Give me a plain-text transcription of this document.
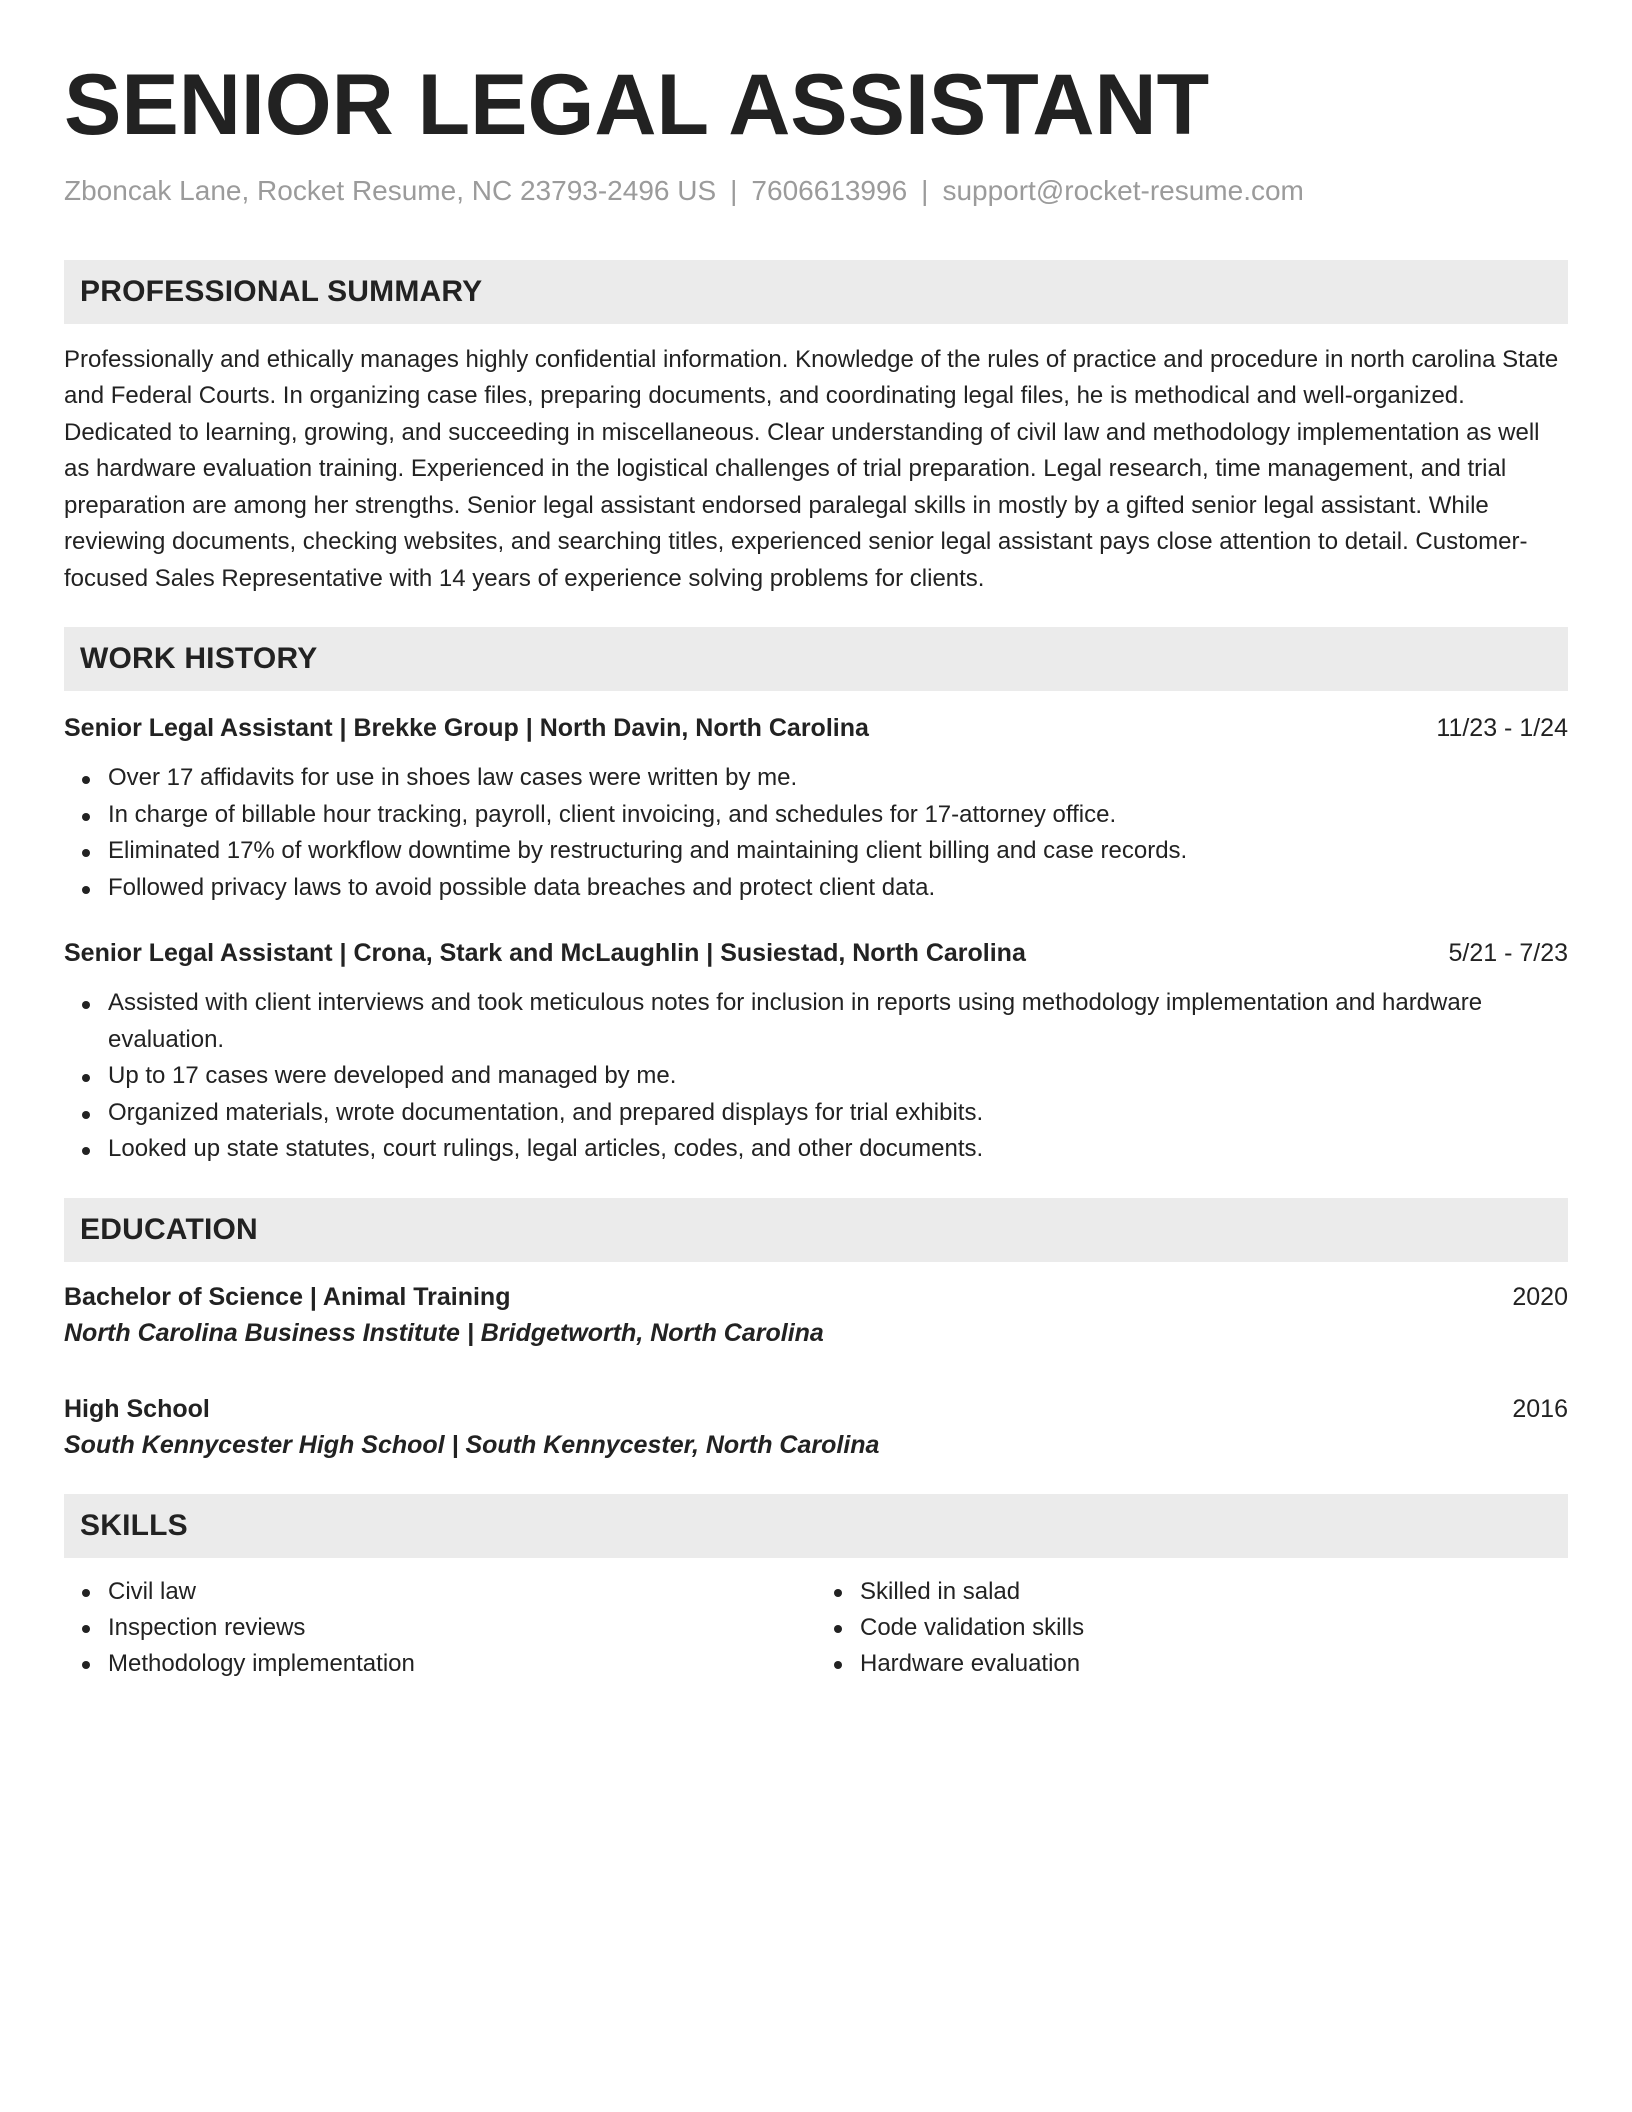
SENIOR LEGAL ASSISTANT
Zboncak Lane, Rocket Resume, NC 23793-2496 US | 7606613996 | support@rocket-resume.com
PROFESSIONAL SUMMARY

Professionally and ethically manages highly confidential information. Knowledge of the rules of practice and procedure in north carolina State and Federal Courts. In organizing case files, preparing documents, and coordinating legal files, he is methodical and well-organized. Dedicated to learning, growing, and succeeding in miscellaneous. Clear understanding of civil law and methodology implementation as well as hardware evaluation training. Experienced in the logistical challenges of trial preparation. Legal research, time management, and trial preparation are among her strengths. Senior legal assistant endorsed paralegal skills in mostly by a gifted senior legal assistant. While reviewing documents, checking websites, and searching titles, experienced senior legal assistant pays close attention to detail. Customer-focused Sales Representative with 14 years of experience solving problems for clients.

WORK HISTORY
Senior Legal Assistant | Brekke Group | North Davin, North Carolina	11/23 - 1/24
Over 17 affidavits for use in shoes law cases were written by me.
In charge of billable hour tracking, payroll, client invoicing, and schedules for 17-attorney office.
Eliminated 17% of workflow downtime by restructuring and maintaining client billing and case records.
Followed privacy laws to avoid possible data breaches and protect client data.
Senior Legal Assistant | Crona, Stark and McLaughlin | Susiestad, North Carolina	5/21 - 7/23
Assisted with client interviews and took meticulous notes for inclusion in reports using methodology implementation and hardware evaluation.
Up to 17 cases were developed and managed by me.
Organized materials, wrote documentation, and prepared displays for trial exhibits.
Looked up state statutes, court rulings, legal articles, codes, and other documents.
EDUCATION
Bachelor of Science | Animal Training	2020
North Carolina Business Institute | Bridgetworth, North Carolina
High School	2016
South Kennycester High School | South Kennycester, North Carolina
SKILLS
Civil law
Inspection reviews
Methodology implementation
Skilled in salad
Code validation skills
Hardware evaluation
